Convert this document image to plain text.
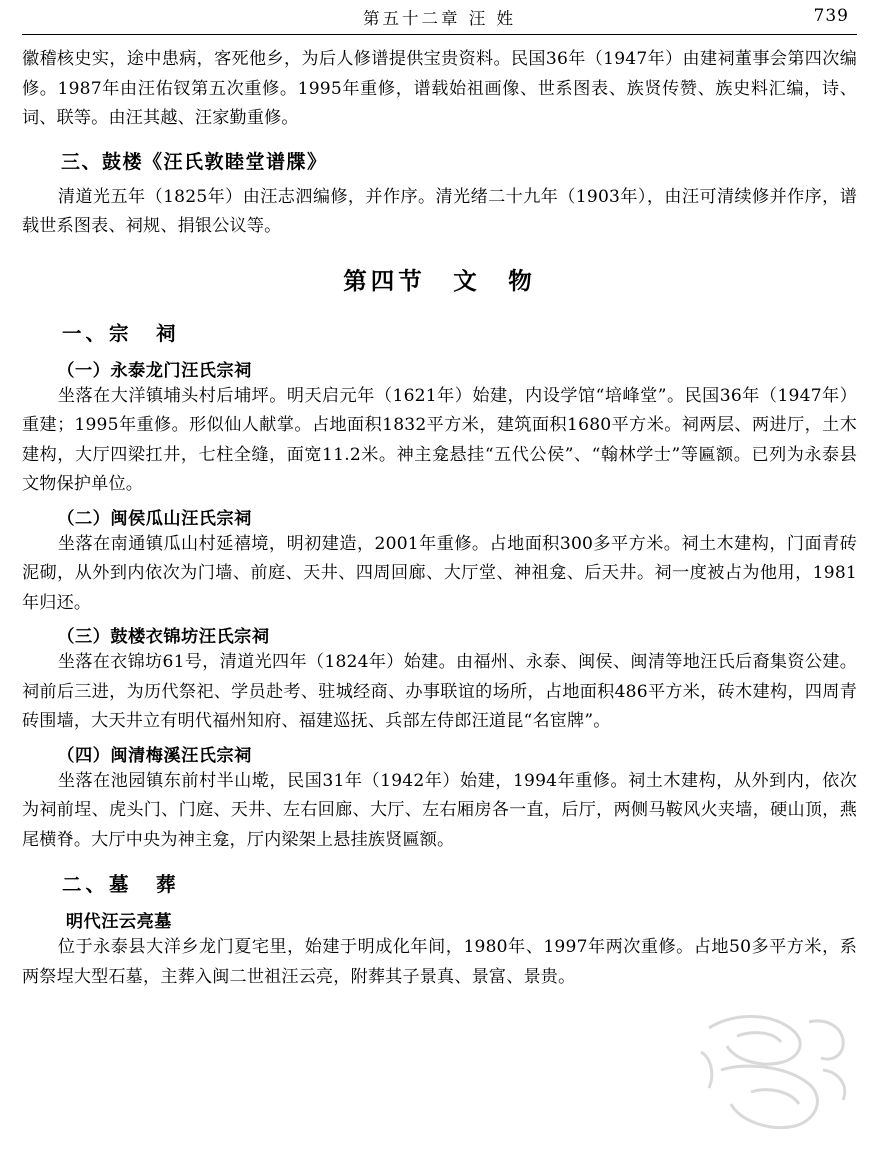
第五十二章 汪 姓	739

徽稽核史实，途中患病，客死他乡，为后人修谱提供宝贵资料。民国36年（1947年）由建祠董事会第四次编修。1987年由汪佑钗第五次重修。1995年重修，谱载始祖画像、世系图表、族贤传赞、族史料汇编，诗、词、联等。由汪其越、汪家勤重修。

三、鼓楼《汪氏敦睦堂谱牒》

清道光五年（1825年）由汪志泗编修，并作序。清光绪二十九年（1903年），由汪可清续修并作序，谱载世系图表、祠规、捐银公议等。

第四节　文　物
一、宗　祠
（一）永泰龙门汪氏宗祠

坐落在大洋镇埔头村后埔坪。明天启元年（1621年）始建，内设学馆“培峰堂”。民国36年（1947年）重建；1995年重修。形似仙人献掌。占地面积1832平方米，建筑面积1680平方米。祠两层、两进厅，土木建构，大厅四梁扛井，七柱全缝，面宽11.2米。神主龛悬挂“五代公侯”、“翰林学士”等匾额。已列为永泰县文物保护单位。

（二）闽侯瓜山汪氏宗祠

坐落在南通镇瓜山村延禧境，明初建造，2001年重修。占地面积300多平方米。祠土木建构，门面青砖泥砌，从外到内依次为门墙、前庭、天井、四周回廊、大厅堂、神祖龛、后天井。祠一度被占为他用，1981年归还。

（三）鼓楼衣锦坊汪氏宗祠

坐落在衣锦坊61号，清道光四年（1824年）始建。由福州、永泰、闽侯、闽清等地汪氏后裔集资公建。祠前后三进，为历代祭祀、学员赴考、驻城经商、办事联谊的场所，占地面积486平方米，砖木建构，四周青砖围墙，大天井立有明代福州知府、福建巡抚、兵部左侍郎汪道昆“名宦牌”。

（四）闽清梅溪汪氏宗祠

坐落在池园镇东前村半山墘，民国31年（1942年）始建，1994年重修。祠土木建构，从外到内，依次为祠前埕、虎头门、门庭、天井、左右回廊、大厅、左右厢房各一直，后厅，两侧马鞍风火夹墙，硬山顶，燕尾横脊。大厅中央为神主龛，厅内梁架上悬挂族贤匾额。

二、墓　葬
明代汪云亮墓

位于永泰县大洋乡龙门夏宅里，始建于明成化年间，1980年、1997年两次重修。占地50多平方米，系两祭埕大型石墓，主葬入闽二世祖汪云亮，附葬其子景真、景富、景贵。
